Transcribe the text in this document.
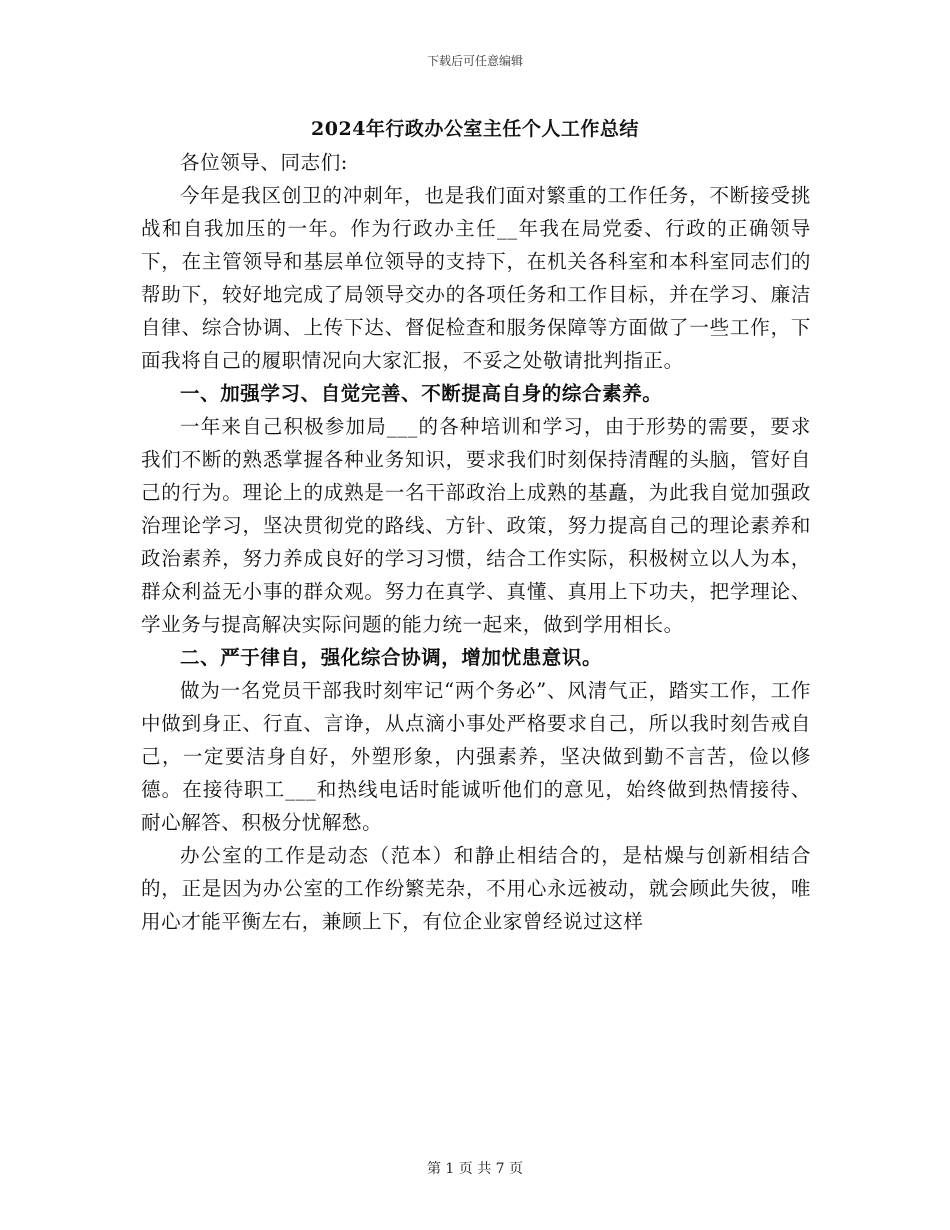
下载后可任意编辑
2024年行政办公室主任个人工作总结

各位领导、同志们:

今年是我区创卫的冲刺年，也是我们面对繁重的工作任务，不断接受挑战和自我加压的一年。作为行政办主任__年我在局党委、行政的正确领导下，在主管领导和基层单位领导的支持下，在机关各科室和本科室同志们的帮助下，较好地完成了局领导交办的各项任务和工作目标，并在学习、廉洁自律、综合协调、上传下达、督促检查和服务保障等方面做了一些工作，下面我将自己的履职情况向大家汇报，不妥之处敬请批判指正。

一、加强学习、自觉完善、不断提高自身的综合素养。

一年来自己积极参加局___的各种培训和学习，由于形势的需要，要求我们不断的熟悉掌握各种业务知识，要求我们时刻保持清醒的头脑，管好自己的行为。理论上的成熟是一名干部政治上成熟的基矗，为此我自觉加强政治理论学习，坚决贯彻党的路线、方针、政策，努力提高自己的理论素养和政治素养，努力养成良好的学习习惯，结合工作实际，积极树立以人为本，群众利益无小事的群众观。努力在真学、真懂、真用上下功夫，把学理论、学业务与提高解决实际问题的能力统一起来，做到学用相长。

二、严于律自，强化综合协调，增加忧患意识。

做为一名党员干部我时刻牢记“两个务必”、风清气正，踏实工作，工作中做到身正、行直、言诤，从点滴小事处严格要求自己，所以我时刻告戒自己，一定要洁身自好，外塑形象，内强素养，坚决做到勤不言苦，俭以修德。在接待职工___和热线电话时能诚听他们的意见，始终做到热情接待、耐心解答、积极分忧解愁。

办公室的工作是动态（范本）和静止相结合的，是枯燥与创新相结合的，正是因为办公室的工作纷繁芜杂，不用心永远被动，就会顾此失彼，唯用心才能平衡左右，兼顾上下，有位企业家曾经说过这样

第 1 页 共 7 页
